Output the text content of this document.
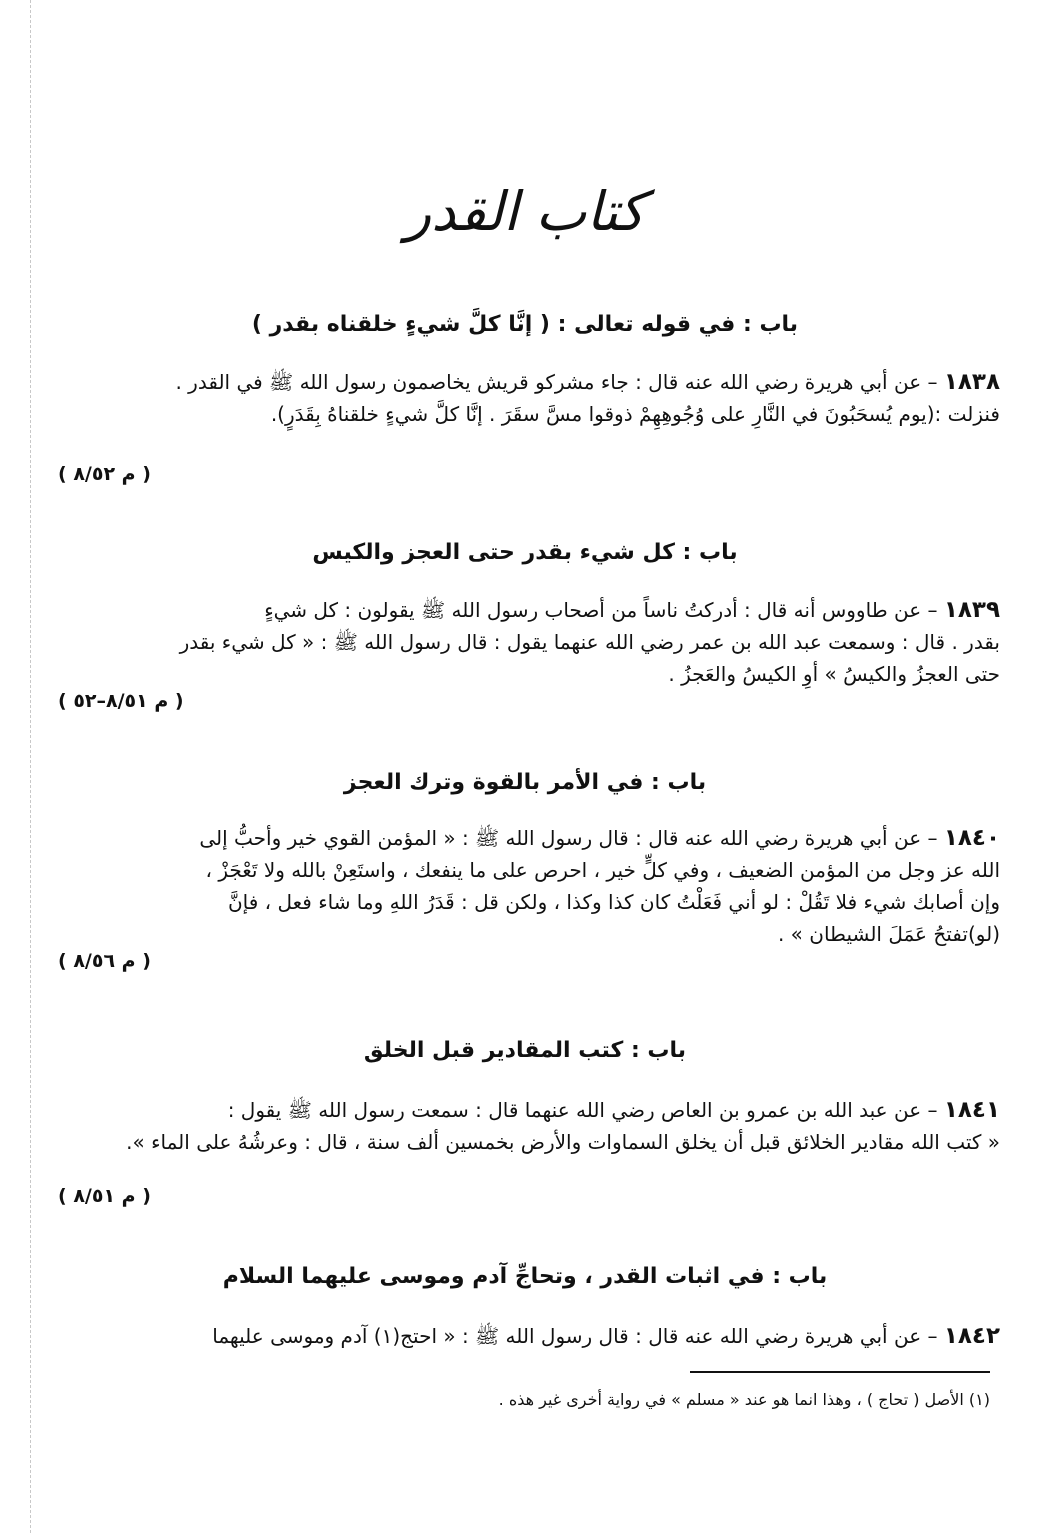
كتاب القدر
باب : في قوله تعالى : ( إنَّا كلَّ شيءٍ خلقناه بقدر )

١٨٣٨ – عن أبي هريرة رضي الله عنه قال : جاء مشركو قريش يخاصمون رسول الله ﷺ في القدر .

فنزلت :(يوم يُسحَبُونَ في النَّارِ على وُجُوهِهِمْ ذوقوا مسَّ سقَرَ . إنَّا كلَّ شيءٍ خلقناهُ بِقَدَرٍ).

( م ٨/٥٢ )
باب : كل شيء بقدر حتى العجز والكيس

١٨٣٩ – عن طاووس أنه قال : أدركتُ ناساً من أصحاب رسول الله ﷺ يقولون : كل شيءٍ

بقدر . قال : وسمعت عبد الله بن عمر رضي الله عنهما يقول : قال رسول الله ﷺ : « كل شيء بقدر

حتى العجزُ والكيسُ » أوِ الكيسُ والعَجزُ .

( م ٨/٥١–٥٢ )
باب : في الأمر بالقوة وترك العجز

١٨٤٠ – عن أبي هريرة رضي الله عنه قال : قال رسول الله ﷺ : « المؤمن القوي خير وأحبُّ إلى

الله عز وجل من المؤمن الضعيف ، وفي كلٍّ خير ، احرص على ما ينفعك ، واستَعِنْ بالله ولا تَعْجَزْ ،

وإن أصابك شيء فلا تَقُلْ : لو أني فَعَلْتُ كان كذا وكذا ، ولكن قل : قَدَرُ اللهِ وما شاء فعل ، فإنَّ

(لو)تفتحُ عَمَلَ الشيطان » .

( م ٨/٥٦ )
باب : كتب المقادير قبل الخلق

١٨٤١ – عن عبد الله بن عمرو بن العاص رضي الله عنهما قال : سمعت رسول الله ﷺ يقول :

« كتب الله مقادير الخلائق قبل أن يخلق السماوات والأرض بخمسين ألف سنة ، قال : وعرشُهُ على الماء ».

( م ٨/٥١ )
باب : في اثبات القدر ، وتحاجِّ آدم وموسى عليهما السلام

١٨٤٢ – عن أبي هريرة رضي الله عنه قال : قال رسول الله ﷺ : « احتج(١) آدم وموسى عليهما

(١) الأصل ( تحاج ) ، وهذا انما هو عند « مسلم » في رواية أخرى غير هذه .
